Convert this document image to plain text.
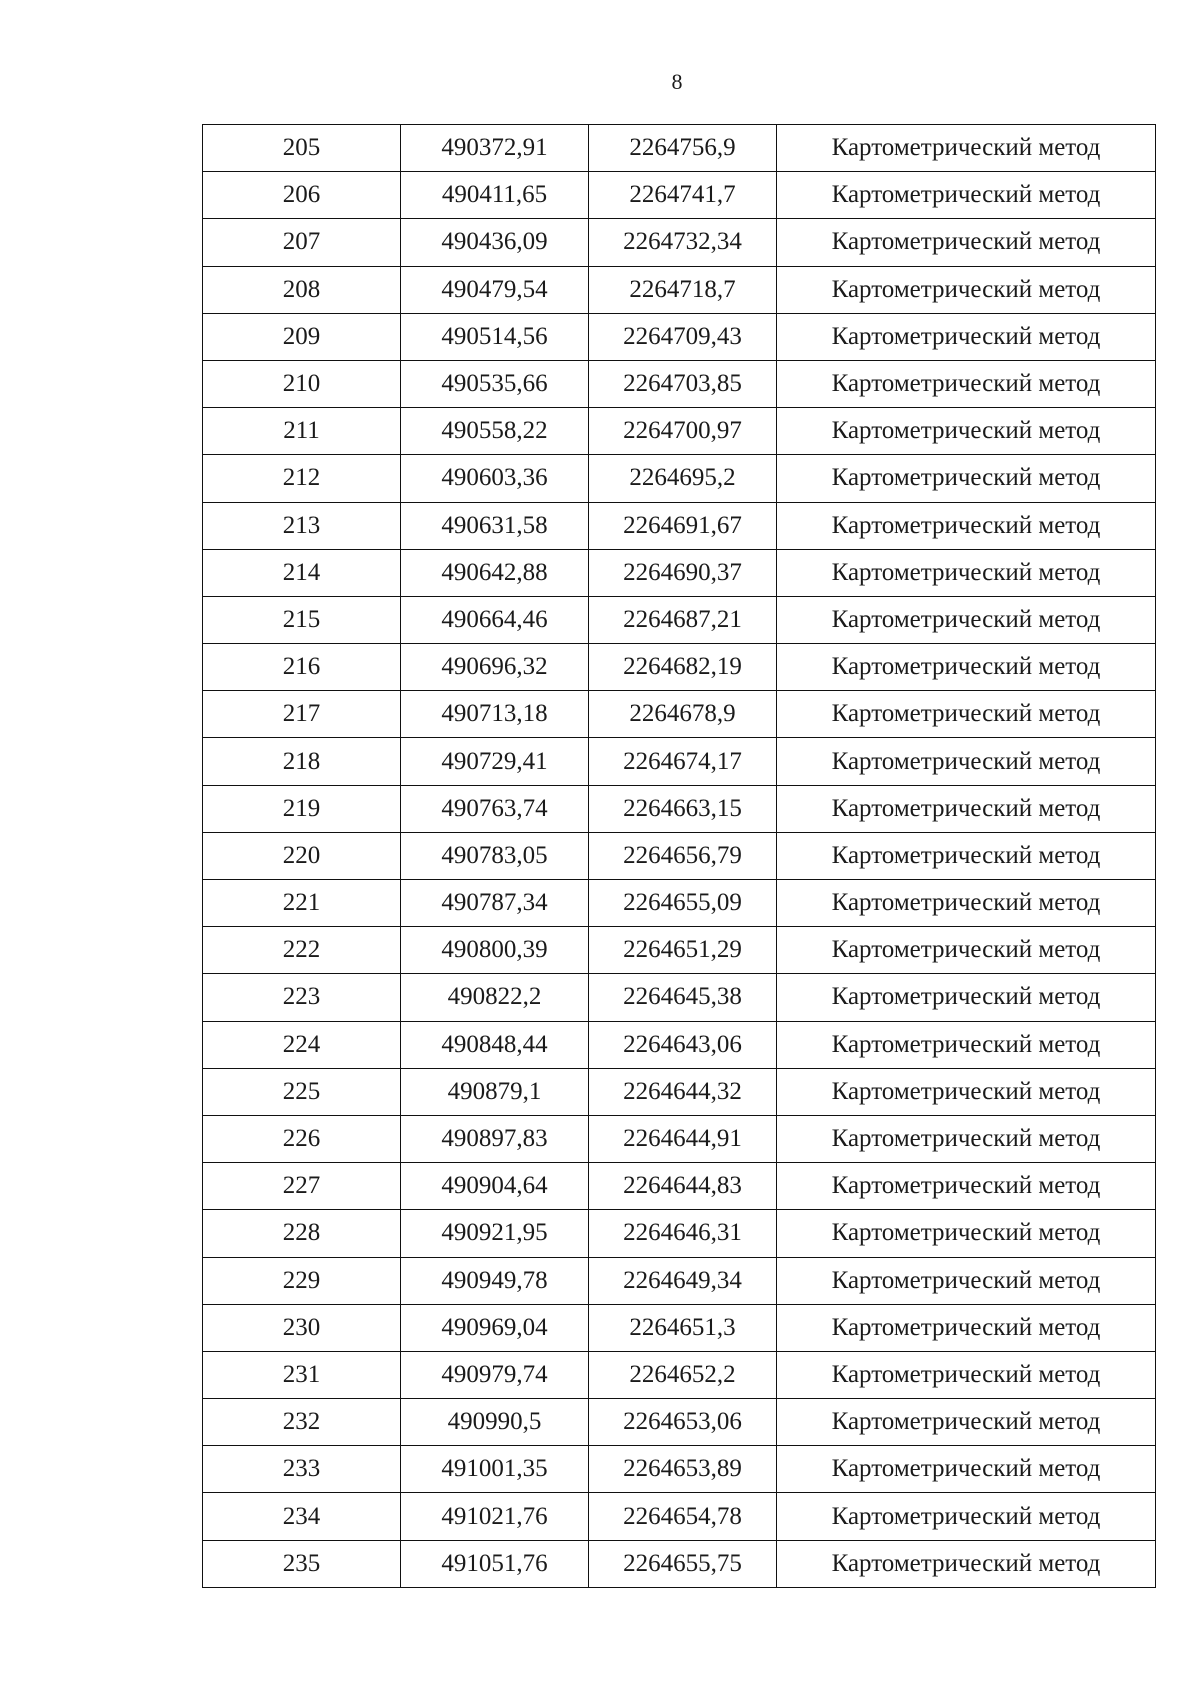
8
205	490372,91	2264756,9	Картометрический метод
206	490411,65	2264741,7	Картометрический метод
207	490436,09	2264732,34	Картометрический метод
208	490479,54	2264718,7	Картометрический метод
209	490514,56	2264709,43	Картометрический метод
210	490535,66	2264703,85	Картометрический метод
211	490558,22	2264700,97	Картометрический метод
212	490603,36	2264695,2	Картометрический метод
213	490631,58	2264691,67	Картометрический метод
214	490642,88	2264690,37	Картометрический метод
215	490664,46	2264687,21	Картометрический метод
216	490696,32	2264682,19	Картометрический метод
217	490713,18	2264678,9	Картометрический метод
218	490729,41	2264674,17	Картометрический метод
219	490763,74	2264663,15	Картометрический метод
220	490783,05	2264656,79	Картометрический метод
221	490787,34	2264655,09	Картометрический метод
222	490800,39	2264651,29	Картометрический метод
223	490822,2	2264645,38	Картометрический метод
224	490848,44	2264643,06	Картометрический метод
225	490879,1	2264644,32	Картометрический метод
226	490897,83	2264644,91	Картометрический метод
227	490904,64	2264644,83	Картометрический метод
228	490921,95	2264646,31	Картометрический метод
229	490949,78	2264649,34	Картометрический метод
230	490969,04	2264651,3	Картометрический метод
231	490979,74	2264652,2	Картометрический метод
232	490990,5	2264653,06	Картометрический метод
233	491001,35	2264653,89	Картометрический метод
234	491021,76	2264654,78	Картометрический метод
235	491051,76	2264655,75	Картометрический метод
